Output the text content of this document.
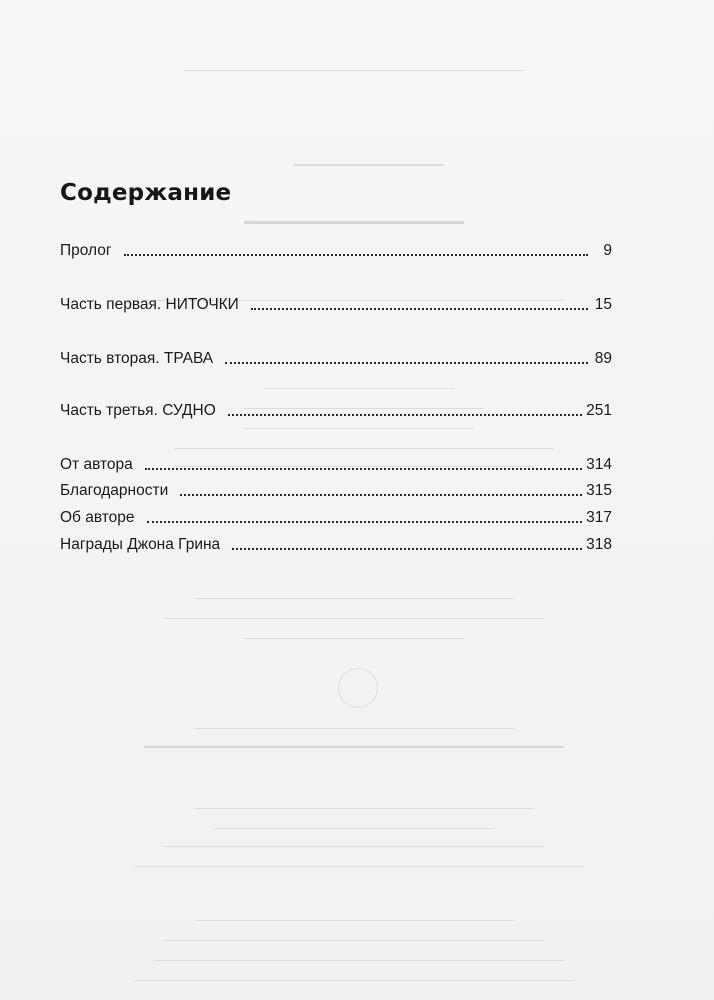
Содержание
Пролог	9
Часть первая. НИТОЧКИ	15
Часть вторая. ТРАВА	89
Часть третья. СУДНО	251
От автора	314
Благодарности	315
Об авторе	317
Награды Джона Грина	318
